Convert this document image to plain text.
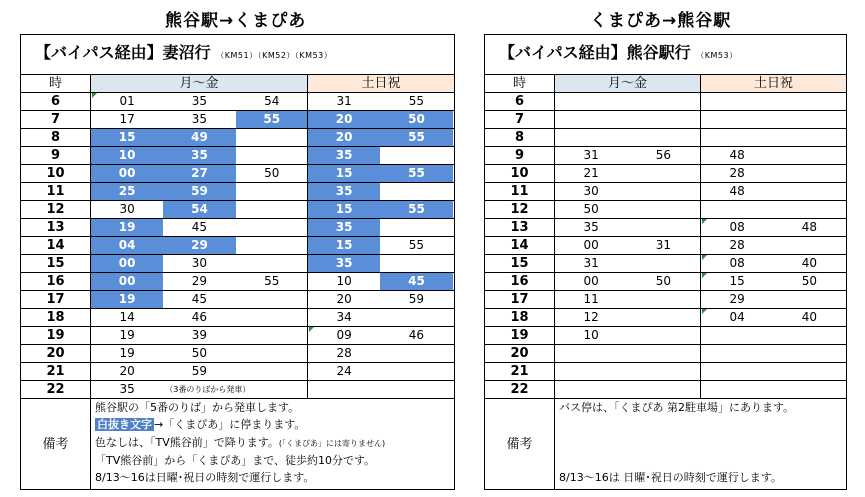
熊谷駅→くまぴあ	くまぴあ→熊谷駅
【バイパス経由】妻沼行 （KM51）（KM52）（KM53）		
時	月～金	土日祝
6	01 35 54	31 55

7	17 35 55	20 50

8	15 49	20 55

9	10 35	35

10	00 27 50	15 55

11	25 59	35

12	30 54	15 55

13	19 45	35

14	04 29	15 55

15	00 30	35

16	00 29 55	10 45

17	19 45	20 59

18	14 46	34

19	19 39	09 46

20	19 50	28

21	20 59	24

22	35 （3番のりばから発車）	

備考	熊谷駅の「5番のりば」から発車します。
白抜き文字 →「くまぴあ」に停まります。
色なしは、「TV熊谷前」で降ります。(「くまぴあ」には寄りません)
「TV熊谷前」から「くまぴあ」まで、徒歩約10分です。
8/13～16は日曜･祝日の時刻で運行します。	
【バイパス経由】熊谷駅行 （KM53）		
時	月～金	土日祝
6		
7		
8		
9	31 56	48

10	21	28

11	30	48

12	50	

13	35	08 48

14	00 31	28

15	31	08 40

16	00 50	15 50

17	11	29

18	12	04 40

19	10	

20		
21		
22		
備考	バス停は、「くまぴあ 第2駐車場」にあります。
8/13～16は 日曜･祝日の時刻で運行します。	
